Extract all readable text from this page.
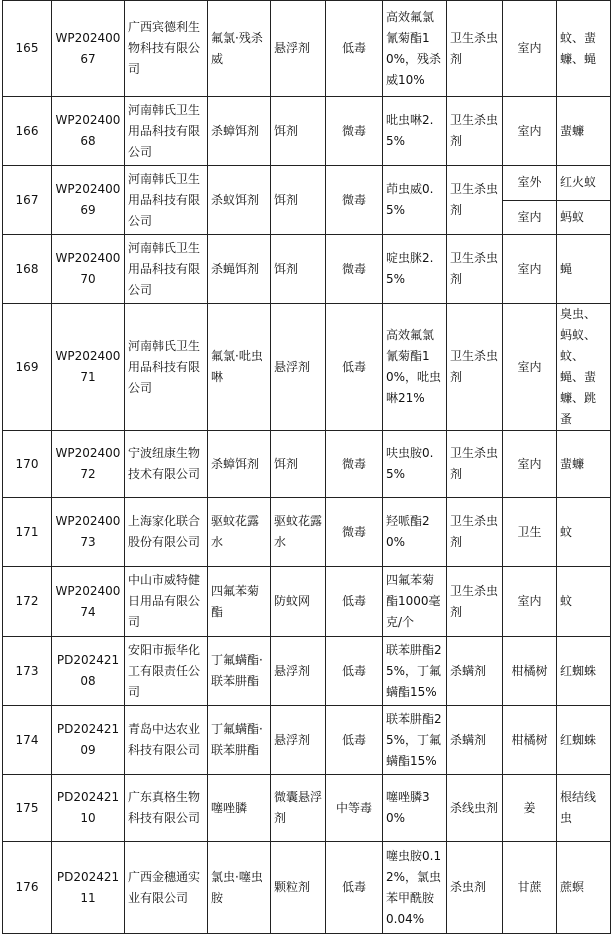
165	WP20240067	广西宾德利生物科技有限公司	氟氯·残杀威	悬浮剂	低毒	高效氟氯氰菊酯10%，残杀威10%	卫生杀虫剂	室内	蚊、蜚蠊、蝇

166	WP20240068	河南韩氏卫生用品科技有限公司	杀蟑饵剂	饵剂	微毒	吡虫啉2.5%	卫生杀虫剂	室内	蜚蠊

167	WP20240069	河南韩氏卫生用品科技有限公司	杀蚁饵剂	饵剂	微毒	茚虫威0.5%	卫生杀虫剂	室外	红火蚁

								室内	蚂蚁

168	WP20240070	河南韩氏卫生用品科技有限公司	杀蝇饵剂	饵剂	微毒	啶虫脒2.5%	卫生杀虫剂	室内	蝇

169	WP20240071	河南韩氏卫生用品科技有限公司	氟氯·吡虫啉	悬浮剂	低毒	高效氟氯氰菊酯10%，吡虫啉21%	卫生杀虫剂	室内	臭虫、蚂蚁、蚊、蝇、蜚蠊、跳蚤

170	WP20240072	宁波纽康生物技术有限公司	杀蟑饵剂	饵剂	微毒	呋虫胺0.5%	卫生杀虫剂	室内	蜚蠊

171	WP20240073	上海家化联合股份有限公司	驱蚊花露水	驱蚊花露水	微毒	羟哌酯20%	卫生杀虫剂	卫生	蚊

172	WP20240074	中山市威特健日用品有限公司	四氟苯菊酯	防蚊网	低毒	四氟苯菊酯1000毫克/个	卫生杀虫剂	室内	蚊

173	PD20242108	安阳市振华化工有限责任公司	丁氟螨酯·联苯肼酯	悬浮剂	低毒	联苯肼酯25%，丁氟螨酯15%	杀螨剂	柑橘树	红蜘蛛

174	PD20242109	青岛中达农业科技有限公司	丁氟螨酯·联苯肼酯	悬浮剂	低毒	联苯肼酯25%，丁氟螨酯15%	杀螨剂	柑橘树	红蜘蛛

175	PD20242110	广东真格生物科技有限公司	噻唑膦	微囊悬浮剂	中等毒	噻唑膦30%	杀线虫剂	姜	根结线虫

176	PD20242111	广西金穗通实业有限公司	氯虫·噻虫胺	颗粒剂	低毒	噻虫胺0.12%，氯虫苯甲酰胺0.04%	杀虫剂	甘蔗	蔗螟
